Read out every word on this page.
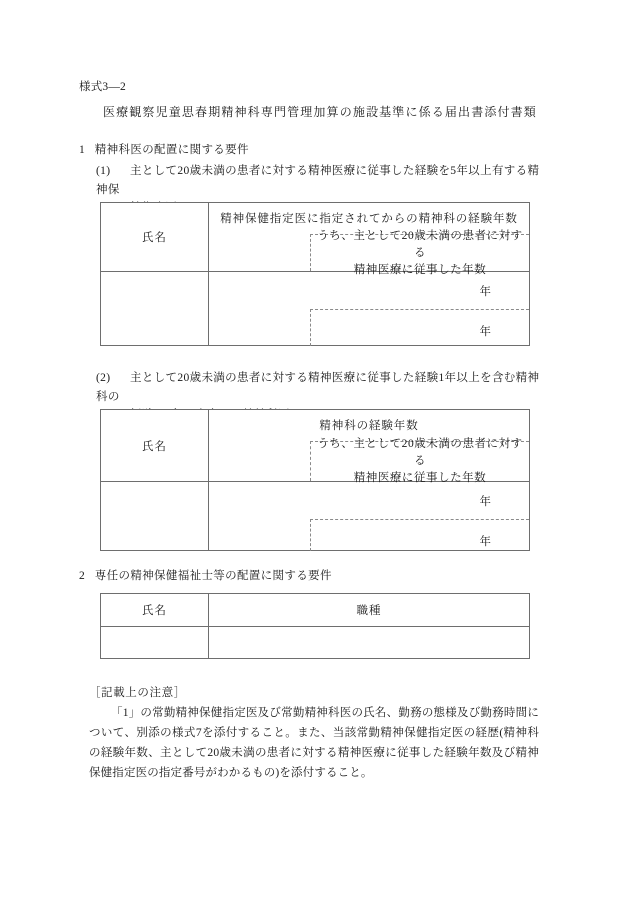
様式3—2
医療観察児童思春期精神科専門管理加算の施設基準に係る届出書添付書類
1 精神科医の配置に関する要件
(1) 主として20歳未満の患者に対する精神医療に従事した経験を5年以上有する精神保
氏名
精神保健指定医に指定されてからの精神科の経験年数
うち、主として20歳未満の患者に対する
精神医療に従事した年数
年
年
(2) 主として20歳未満の患者に対する精神医療に従事した経験1年以上を含む精神科の
氏名
精神科の経験年数
うち、主として20歳未満の患者に対する
精神医療に従事した年数
年
年
2 専任の精神保健福祉士等の配置に関する要件
氏名	職種
［記載上の注意］
「1」の常勤精神保健指定医及び常勤精神科医の氏名、勤務の態様及び勤務時間について、別添の様式7を添付すること。また、当該常勤精神保健指定医の経歴(精神科の経験年数、主として20歳未満の患者に対する精神医療に従事した経験年数及び精神保健指定医の指定番号がわかるもの)を添付すること。
